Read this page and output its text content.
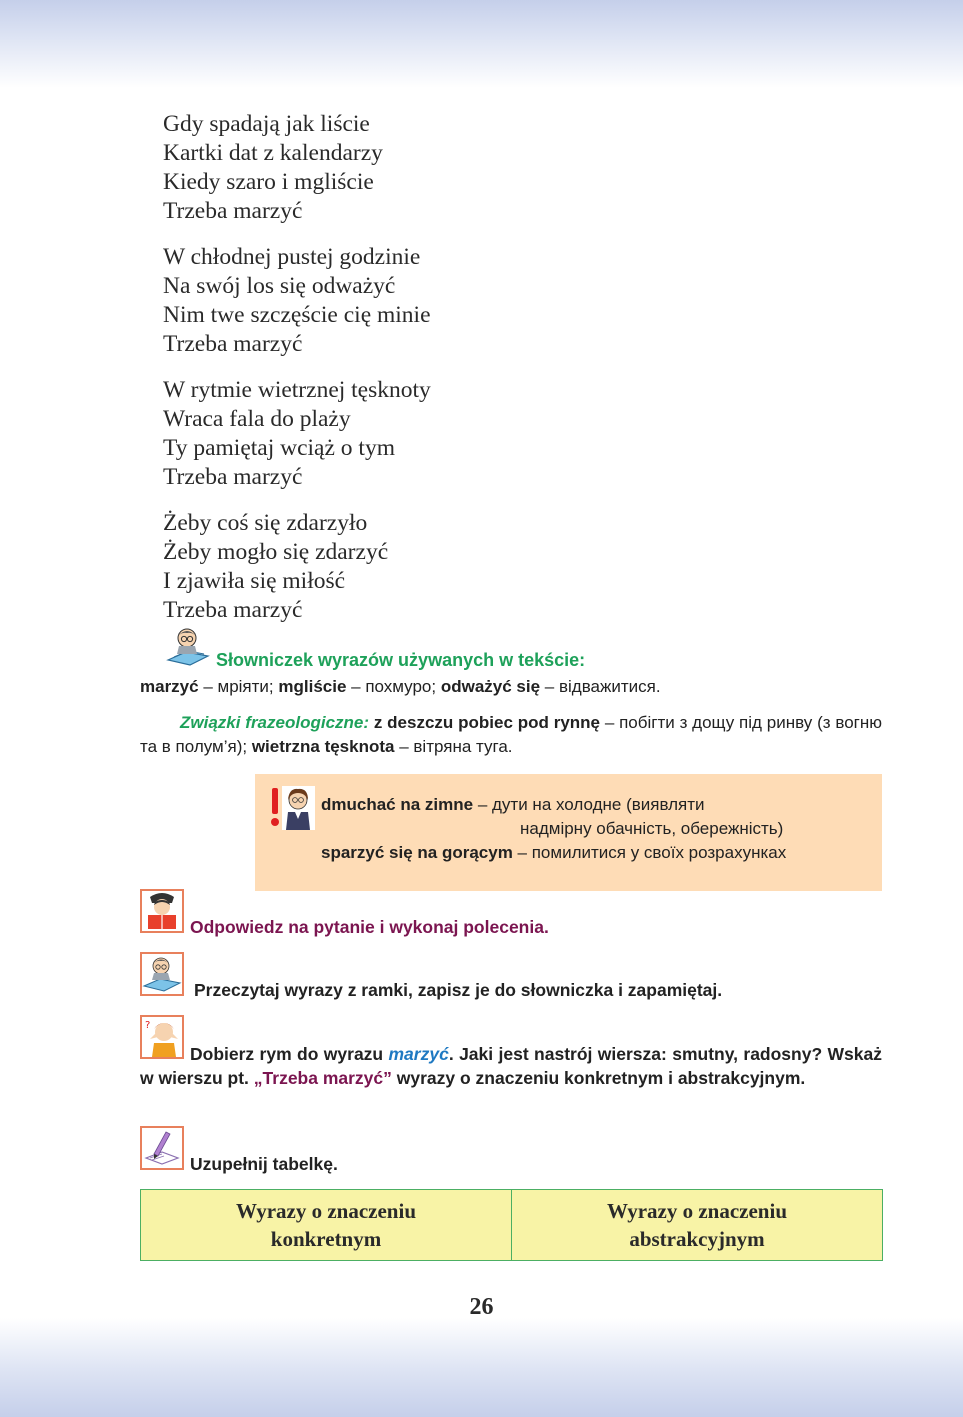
Gdy spadają jak liście
Kartki dat z kalendarzy
Kiedy szaro i mgliście
Trzeba marzyć
W chłodnej pustej godzinie
Na swój los się odważyć
Nim twe szczęście cię minie
Trzeba marzyć
W rytmie wietrznej tęsknoty
Wraca fala do plaży
Ty pamiętaj wciąż o tym
Trzeba marzyć
Żeby coś się zdarzyło
Żeby mogło się zdarzyć
I zjawiła się miłość
Trzeba marzyć
Słowniczek wyrazów używanych w tekście:
marzyć – мріяти; mgliście – похмуро; odważyć się – відважитися.
Związki frazeologiczne: z deszczu pobiec pod rynnę – побігти з дощу під ринву (з вогню та в полум’я); wietrzna tęsknota – вітряна туга.
dmuchać na zimne – дути на холодне (виявляти
надмірну обачність, обережність)
sparzyć się na gorącym – помилитися у своїх розрахунках
Odpowiedz na pytanie i wykonaj polecenia.
Przeczytaj wyrazy z ramki, zapisz je do słowniczka i zapamiętaj.
?
Dobierz rym do wyrazu marzyć. Jaki jest nastrój wiersza: smutny, radosny? Wskaż w wierszu pt. „Trzeba marzyć” wyrazy o znaczeniu konkretnym i abstrakcyjnym.
Uzupełnij tabelkę.
Wyrazy o znaczeniu konkretnym
Wyrazy o znaczeniu abstrakcyjnym
26
